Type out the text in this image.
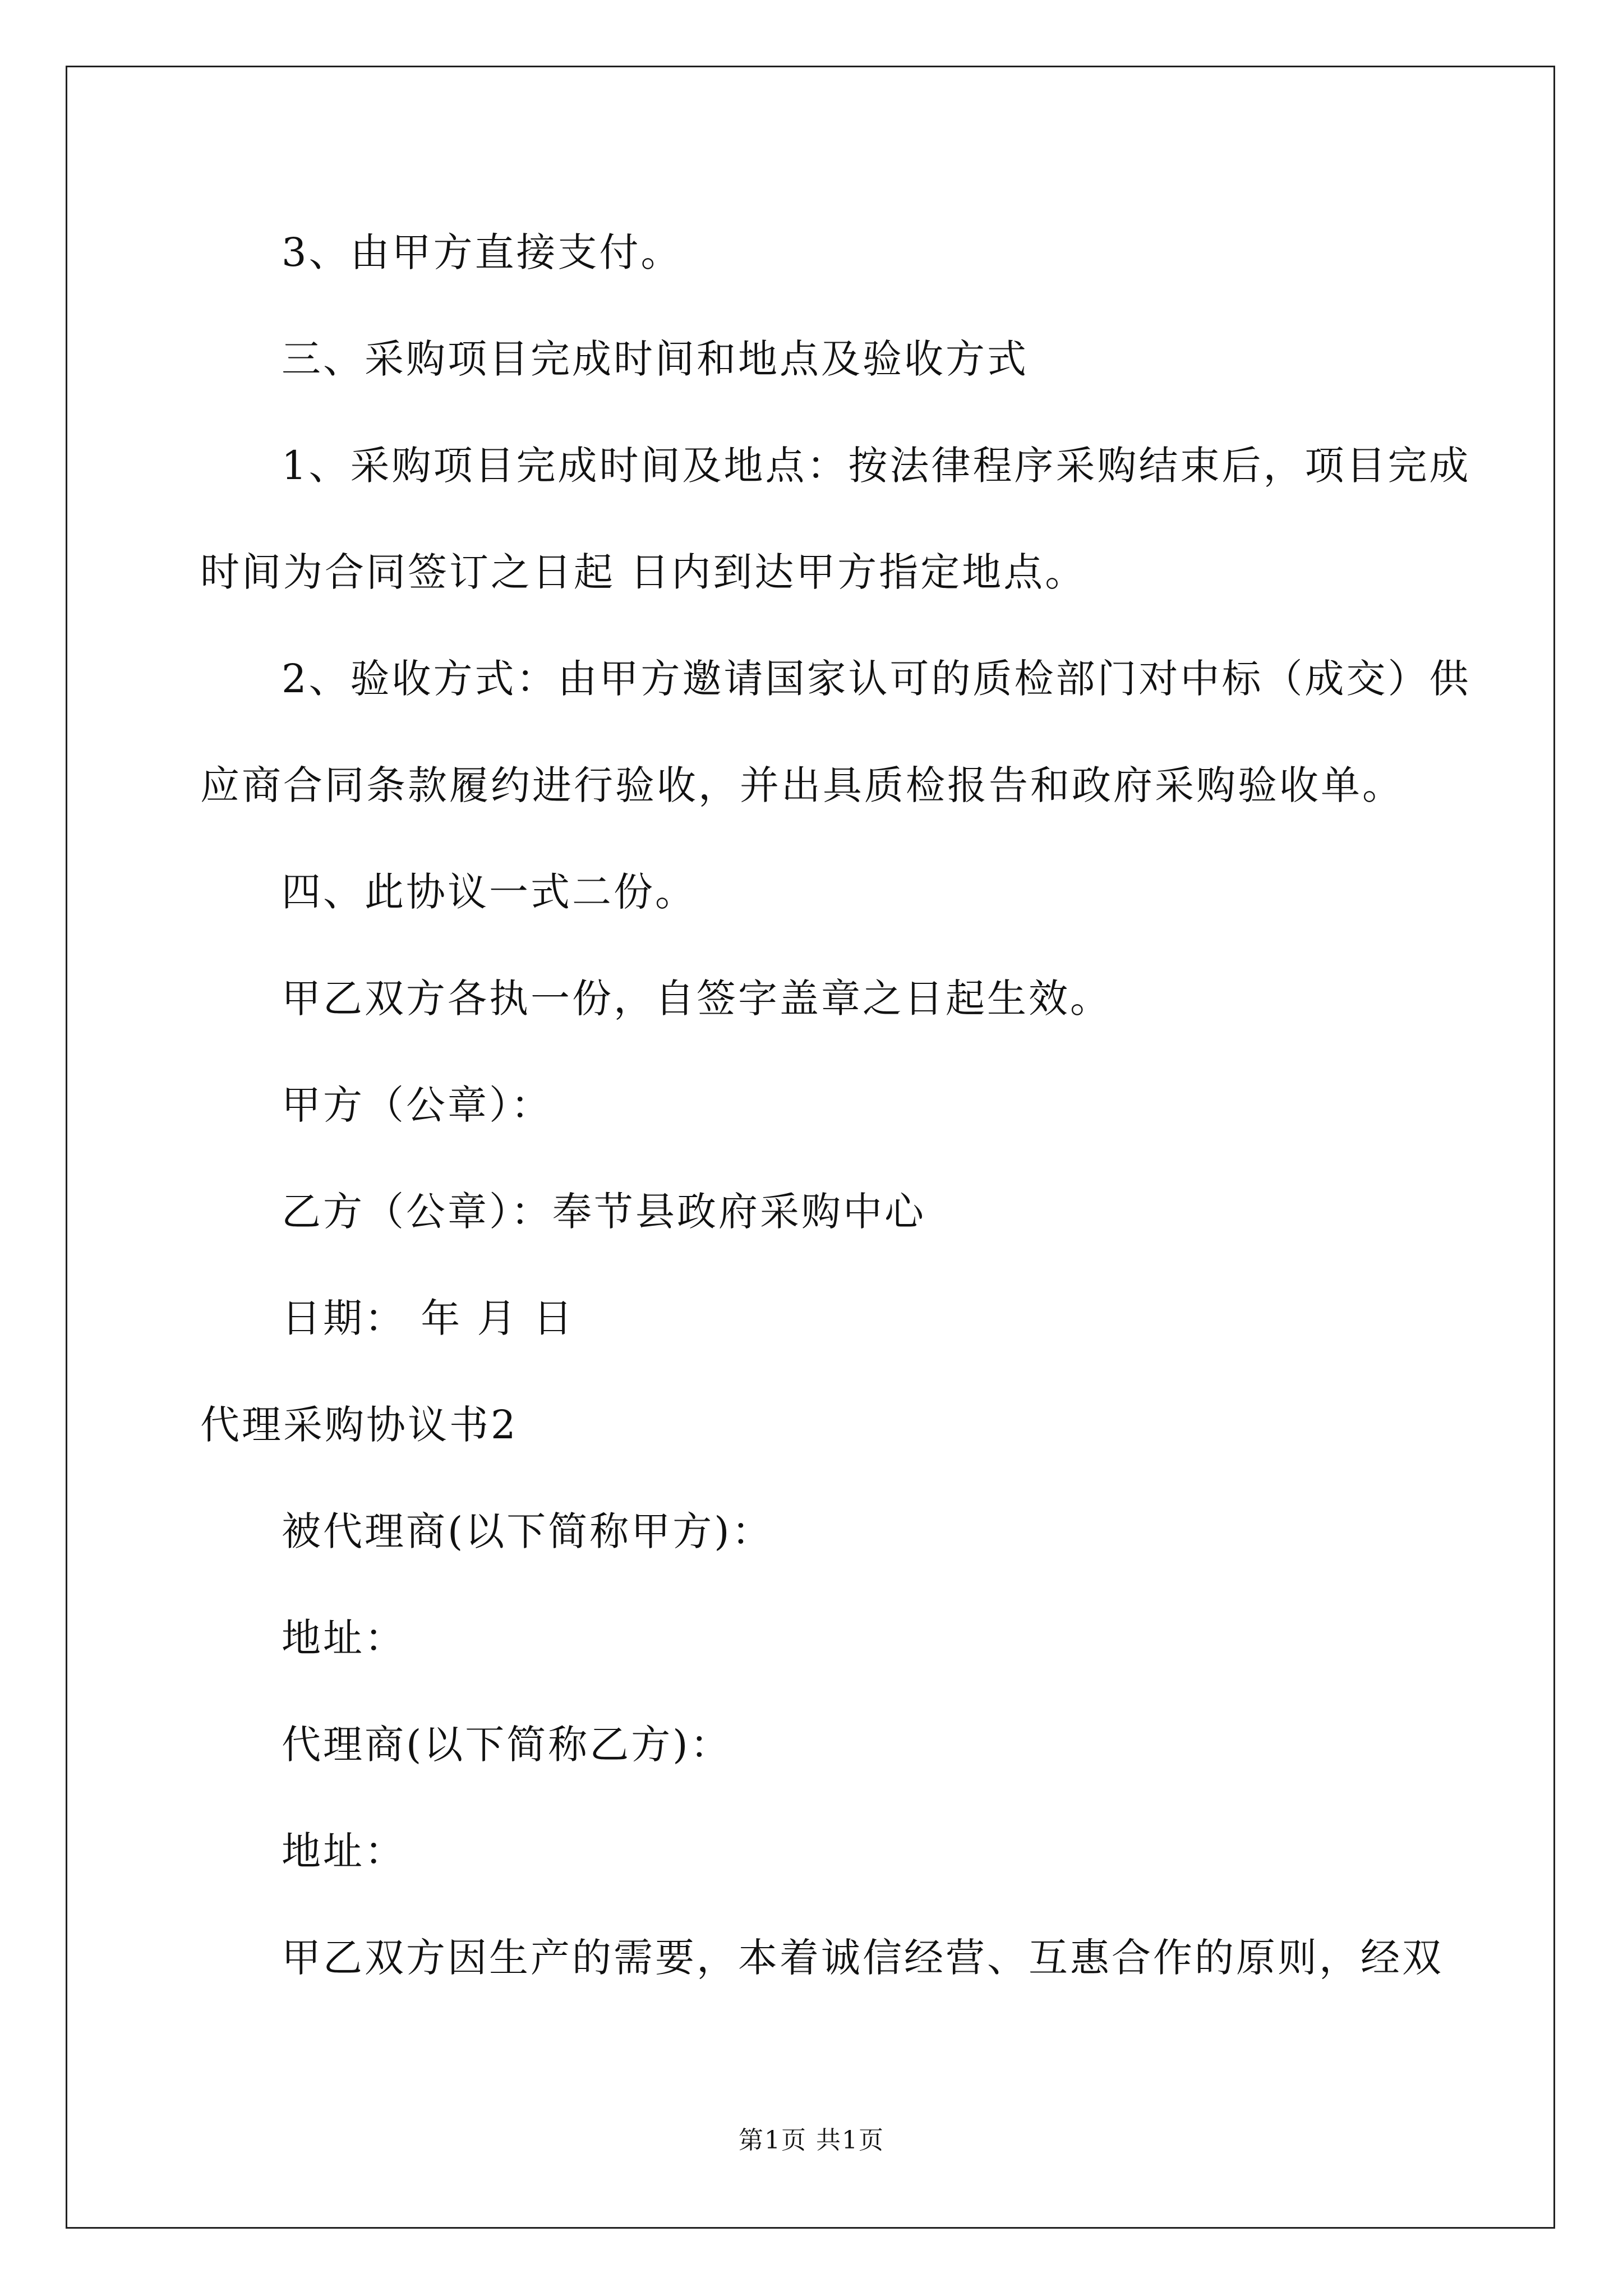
3、由甲方直接支付。
三、采购项目完成时间和地点及验收方式
1、采购项目完成时间及地点：按法律程序采购结束后，项目完成
时间为合同签订之日起 日内到达甲方指定地点。
2、验收方式：由甲方邀请国家认可的质检部门对中标（成交）供
应商合同条款履约进行验收，并出具质检报告和政府采购验收单。
四、此协议一式二份。
甲乙双方各执一份，自签字盖章之日起生效。
甲方（公章）：
乙方（公章）：奉节县政府采购中心
日期： 年 月 日
代理采购协议书2
被代理商(以下简称甲方)：
地址：
代理商(以下简称乙方)：
地址：
甲乙双方因生产的需要，本着诚信经营、互惠合作的原则，经双
第1页 共1页
